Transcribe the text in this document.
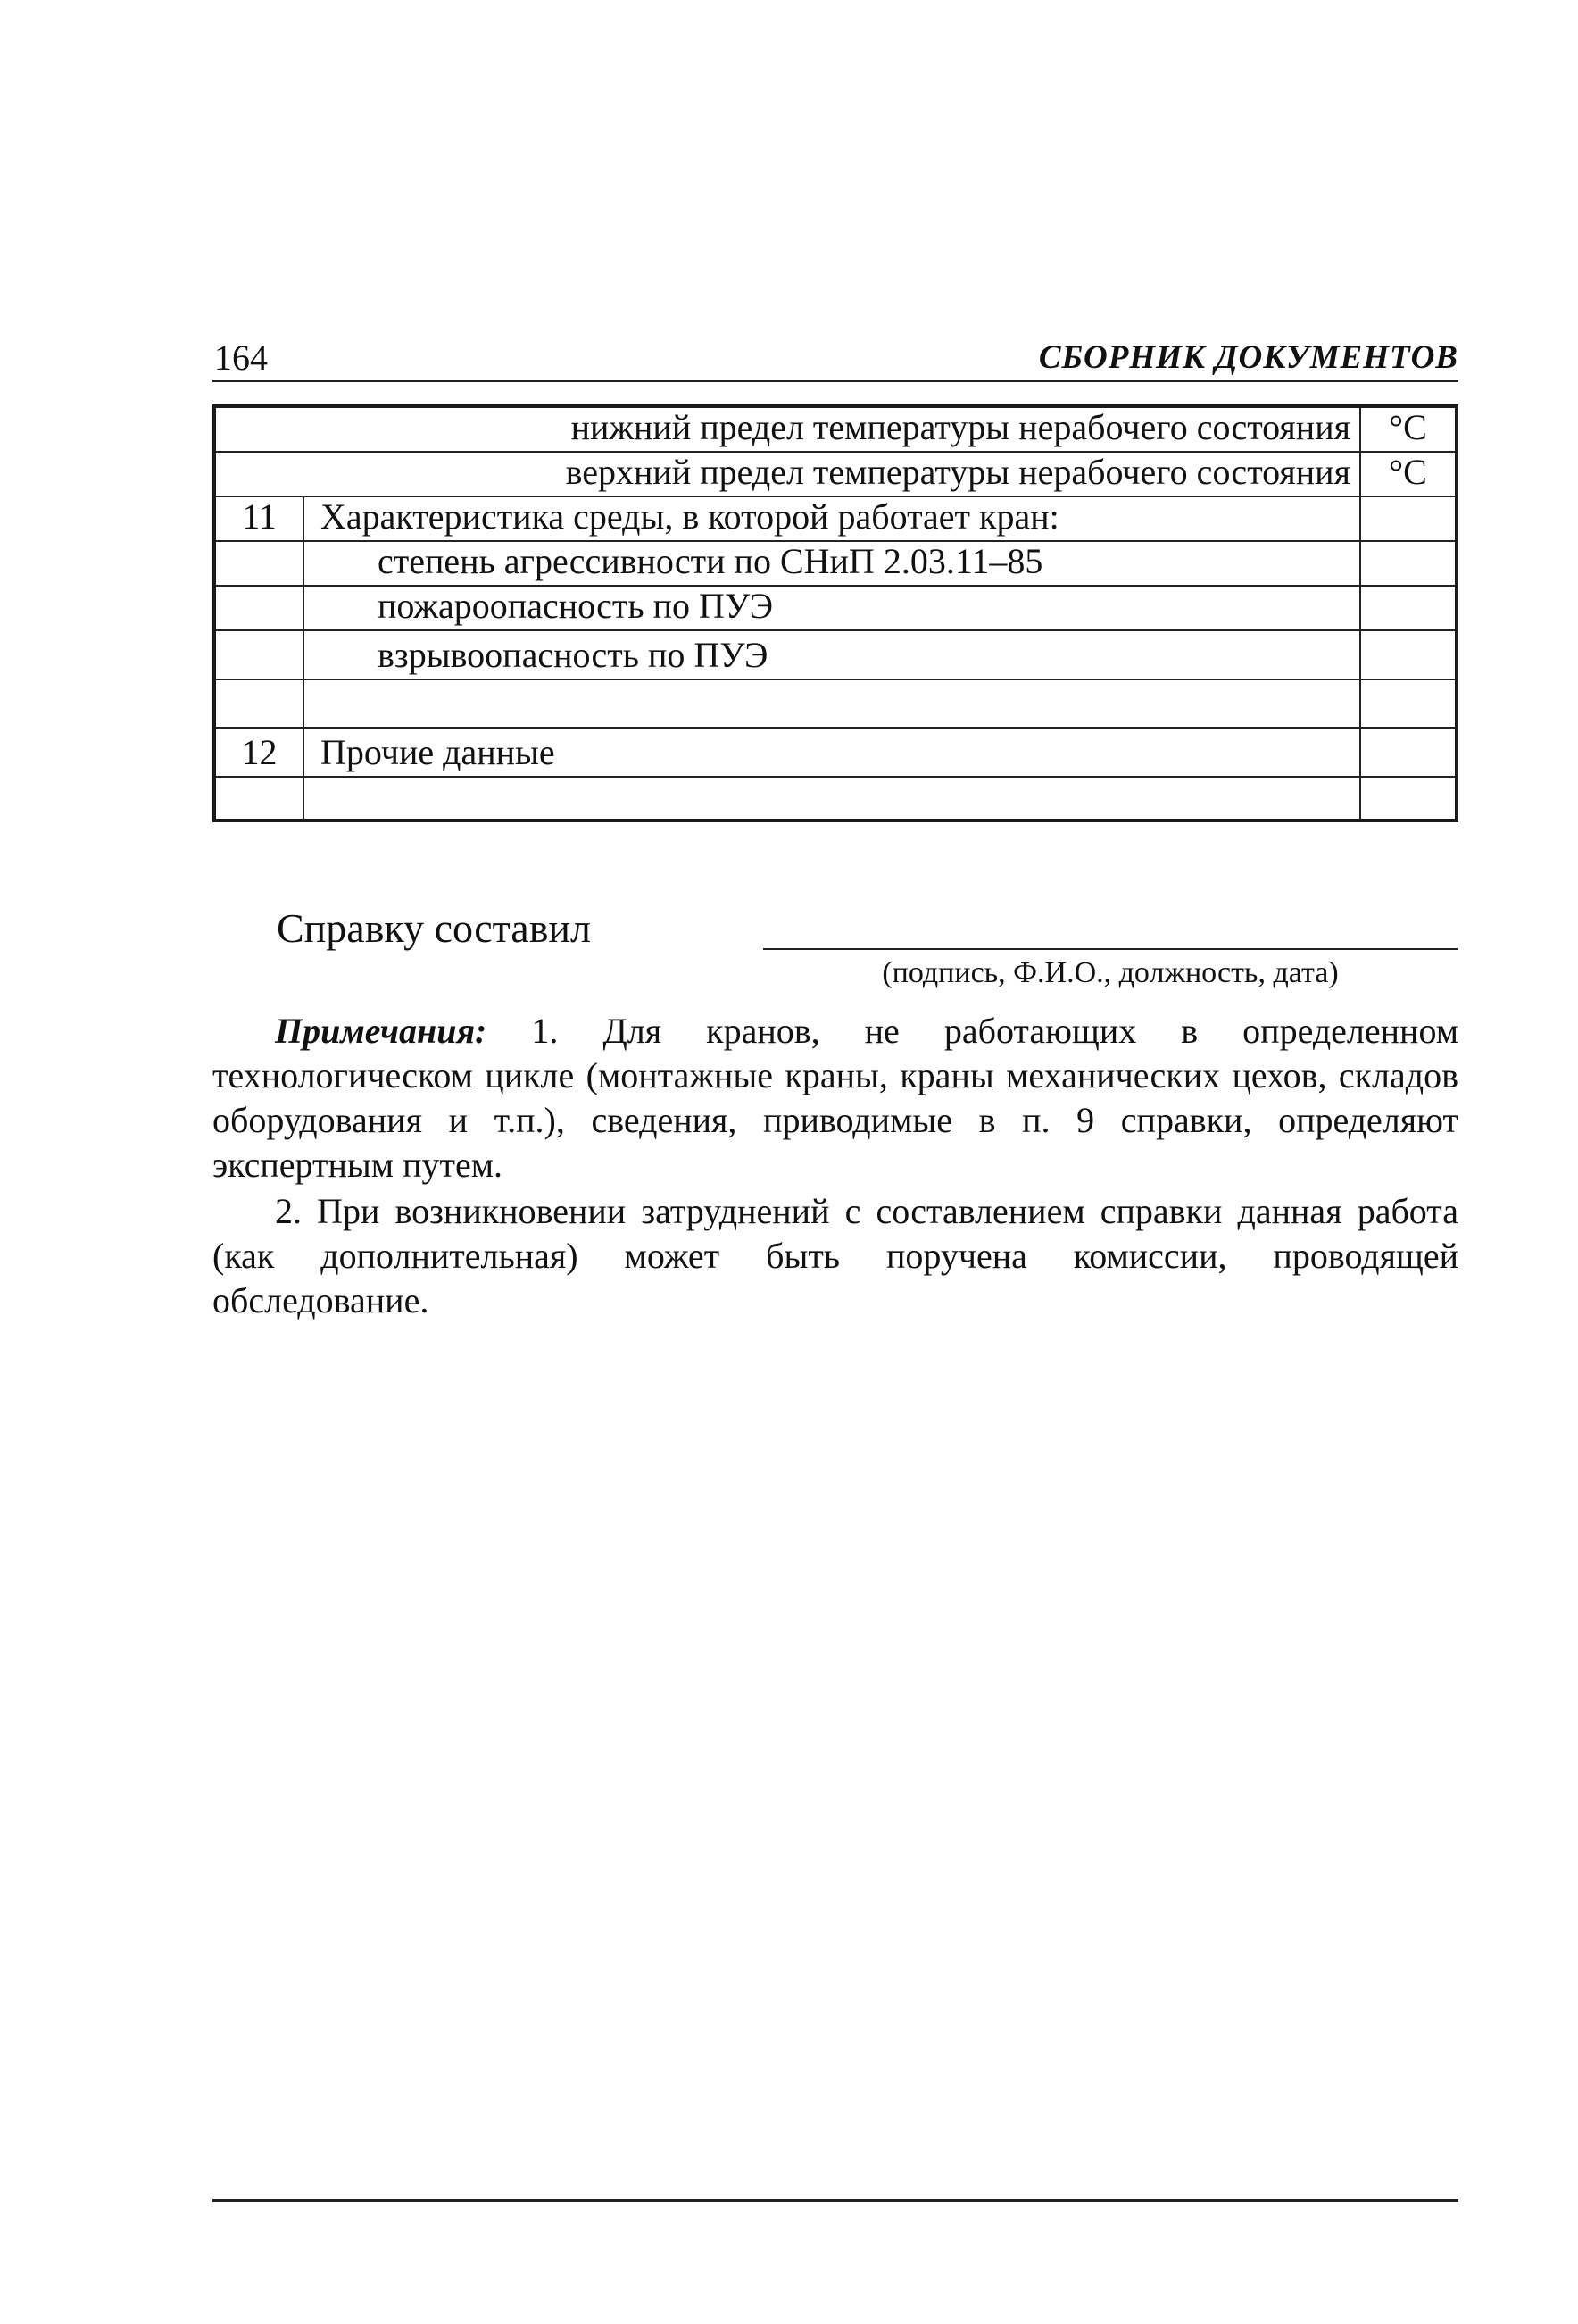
164	СБОРНИК ДОКУМЕНТОВ
нижний предел температуры нерабочего состояния		°C
верхний предел температуры нерабочего состояния		°C
11	Характеристика среды, в которой работает кран:	
	степень агрессивности по СНиП 2.03.11–85	
	пожароопасность по ПУЭ	
	взрывоопасность по ПУЭ	

12	Прочие данные	

Справку составил
(подпись, Ф.И.О., должность, дата)

Примечания: 1. Для кранов, не работающих в определенном технологическом цикле (монтажные краны, краны механических цехов, складов оборудования и т.п.), сведения, приводимые в п. 9 справки, определяют экспертным путем.

2. При возникновении затруднений с составлением справки данная работа (как дополнительная) может быть поручена комиссии, проводящей обследование.
